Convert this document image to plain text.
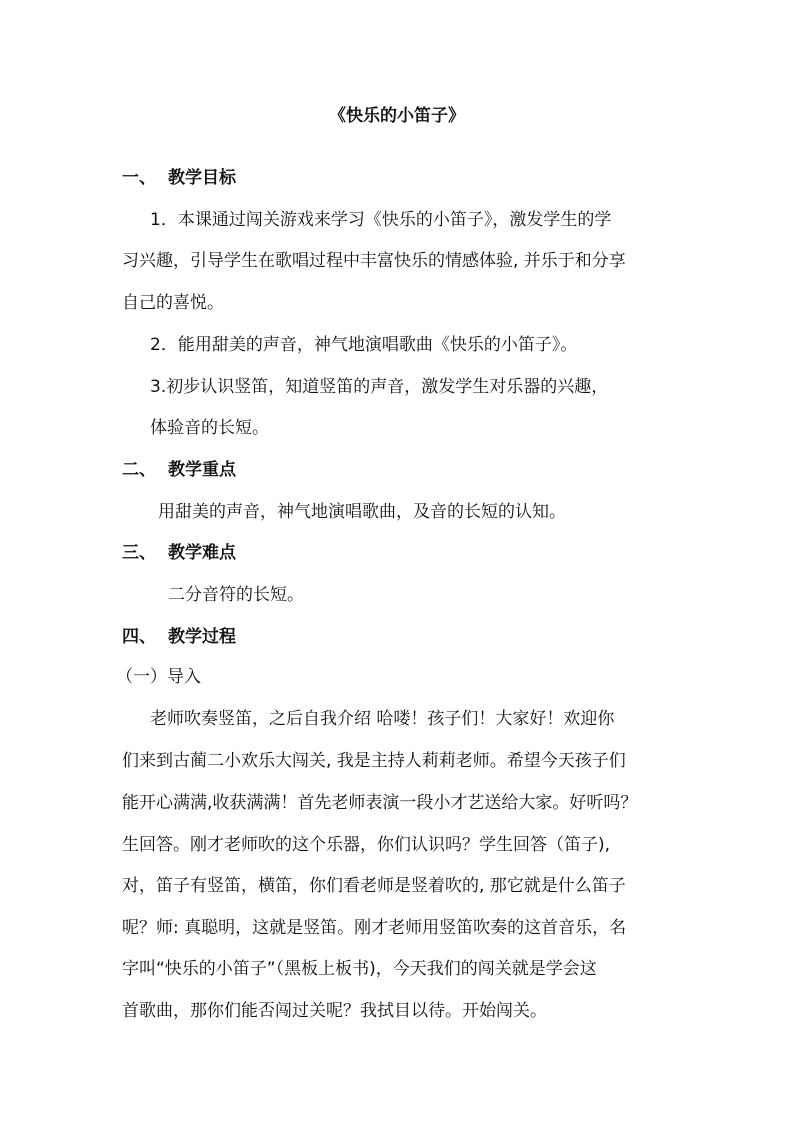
《快乐的小笛子》

一、 教学目标

1．本课通过闯关游戏来学习《快乐的小笛子》，激发学生的学

习兴趣，引导学生在歌唱过程中丰富快乐的情感体验, 并乐于和分享

自己的喜悦。

2．能用甜美的声音，神气地演唱歌曲《快乐的小笛子》。

3.初步认识竖笛，知道竖笛的声音，激发学生对乐器的兴趣，

体验音的长短。

二、 教学重点

用甜美的声音，神气地演唱歌曲，及音的长短的认知。

三、 教学难点

二分音符的长短。

四、 教学过程

（一）导入

老师吹奏竖笛，之后自我介绍 哈喽！孩子们！大家好！欢迎你

们来到古蔺二小欢乐大闯关, 我是主持人莉莉老师。希望今天孩子们

能开心满满,收获满满！首先老师表演一段小才艺送给大家。好听吗？

生回答。刚才老师吹的这个乐器，你们认识吗？学生回答（笛子),

对，笛子有竖笛，横笛，你们看老师是竖着吹的, 那它就是什么笛子

呢？师: 真聪明，这就是竖笛。刚才老师用竖笛吹奏的这首音乐，名

字叫“快乐的小笛子”（黑板上板书)，今天我们的闯关就是学会这

首歌曲，那你们能否闯过关呢？我拭目以待。开始闯关。
